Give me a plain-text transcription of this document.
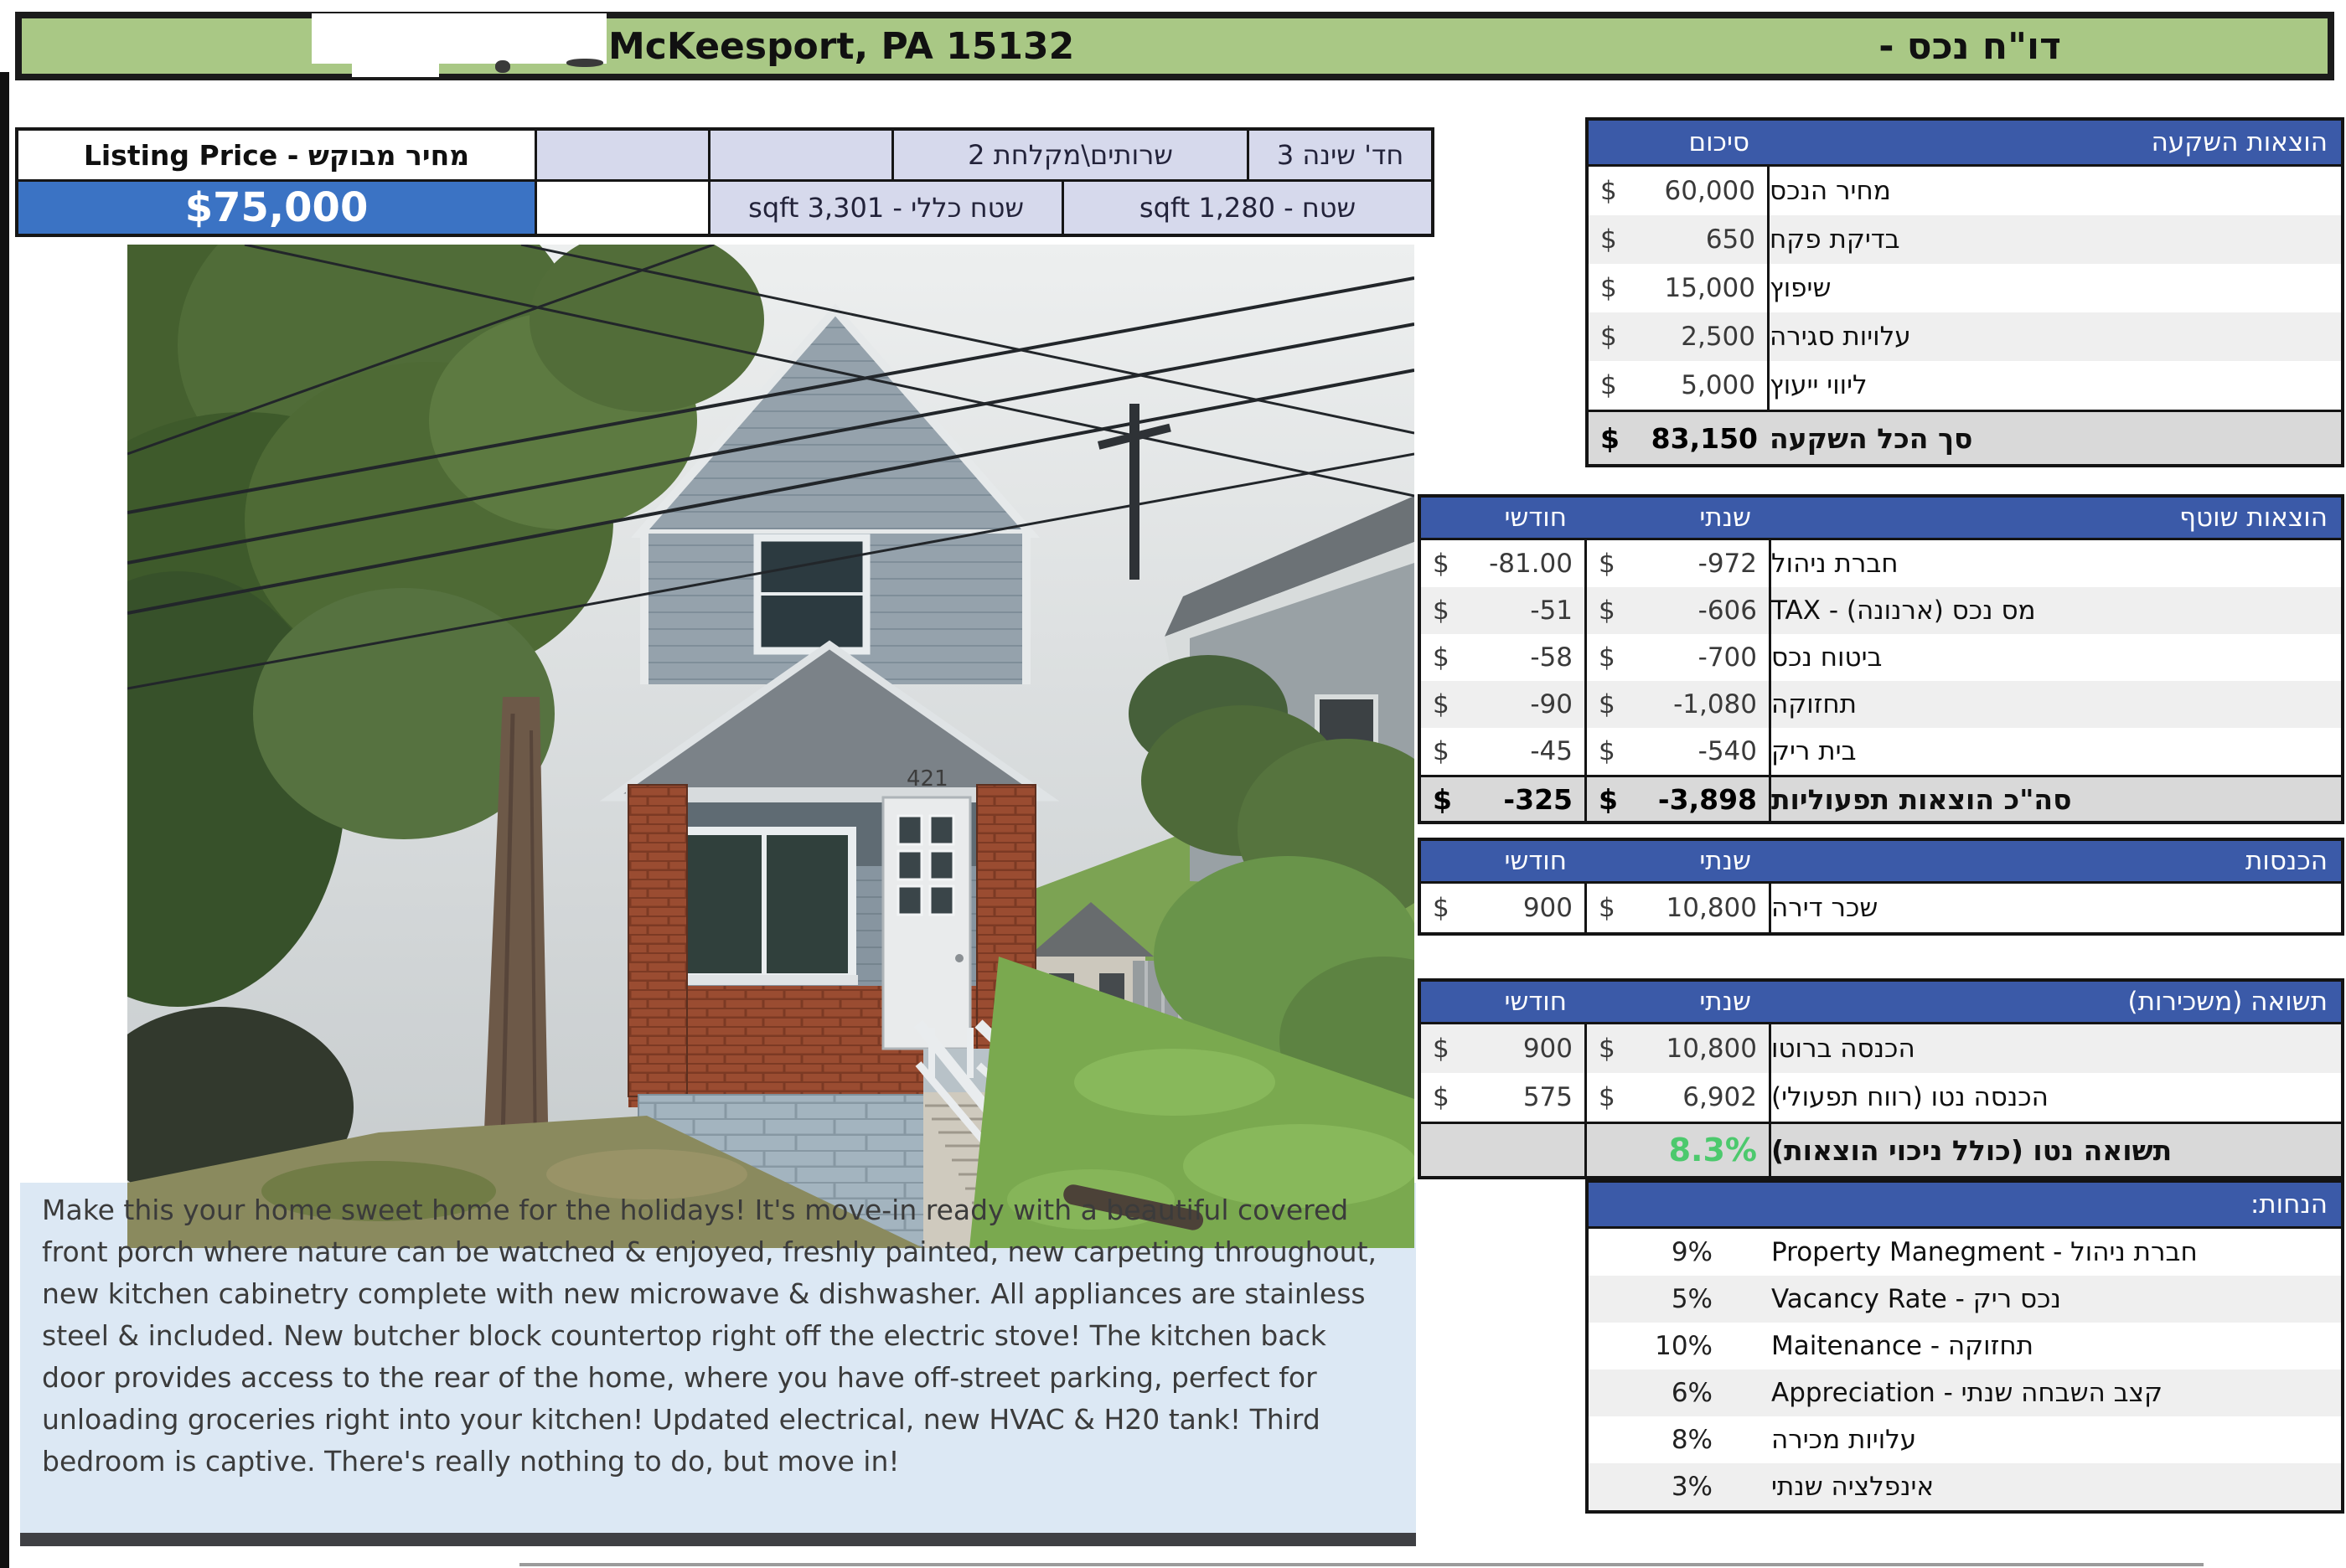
McKeesport, PA 15132	דו"ח נכס -
מחיר מבוקש - Listing Price	שרותים\מקלחת 2	חד' שינה 3
$75,000	שטח כללי - sqft 3,301	שטח - sqft 1,280
421
Make this your home sweet home for the holidays! It's move-in ready with a beautiful covered front porch where nature can be watched & enjoyed, freshly painted, new carpeting throughout, new kitchen cabinetry complete with new microwave & dishwasher. All appliances are stainless steel & included. New butcher block countertop right off the electric stove! The kitchen back door provides access to the rear of the home, where you have off-street parking, perfect for unloading groceries right into your kitchen! Updated electrical, new HVAC & H20 tank! Third bedroom is captive. There's really nothing to do, but move in!
סיכום	הוצאות השקעה
$ 60,000 מחיר הנכס
$	650 בדיקת פקח
$ 15,000 שיפוץ
$ 2,500 עלויות סגירה
$ 5,000 ליווי ייעוץ
$ 83,150 סך הכל השקעה
חודשי	שנתי	הוצאות שוטף
$ -81.00 $	-972 חברת ניהול
$	-51 $	-606 מס נכס (ארנונה) - TAX
$	-58 $	-700 ביטוח נכס
$	-90 $ -1,080 תחזוקה
$	-45 $	-540 בית ריק
$ -325 $ -3,898 סה"כ הוצאות תפעוליות
חודשי	שנתי	הכנסות
$	900 $ 10,800 שכר דירה
חודשי	שנתי	תשואה (משכירות)
$	900 $ 10,800 הכנסה ברוטו
$	575 $	6,902 הכנסה נטו (רווח תפעולי)
8.3% תשואה נטו (כולל ניכוי הוצאות)
הנחות:
9%	חברת ניהול - Property Manegment
5%	נכס ריק - Vacancy Rate
10%	תחזוקה - Maitenance
6%	קצב השבחה שנתי - Appreciation
8%	עלויות מכירה
3%	אינפלציה שנתי
